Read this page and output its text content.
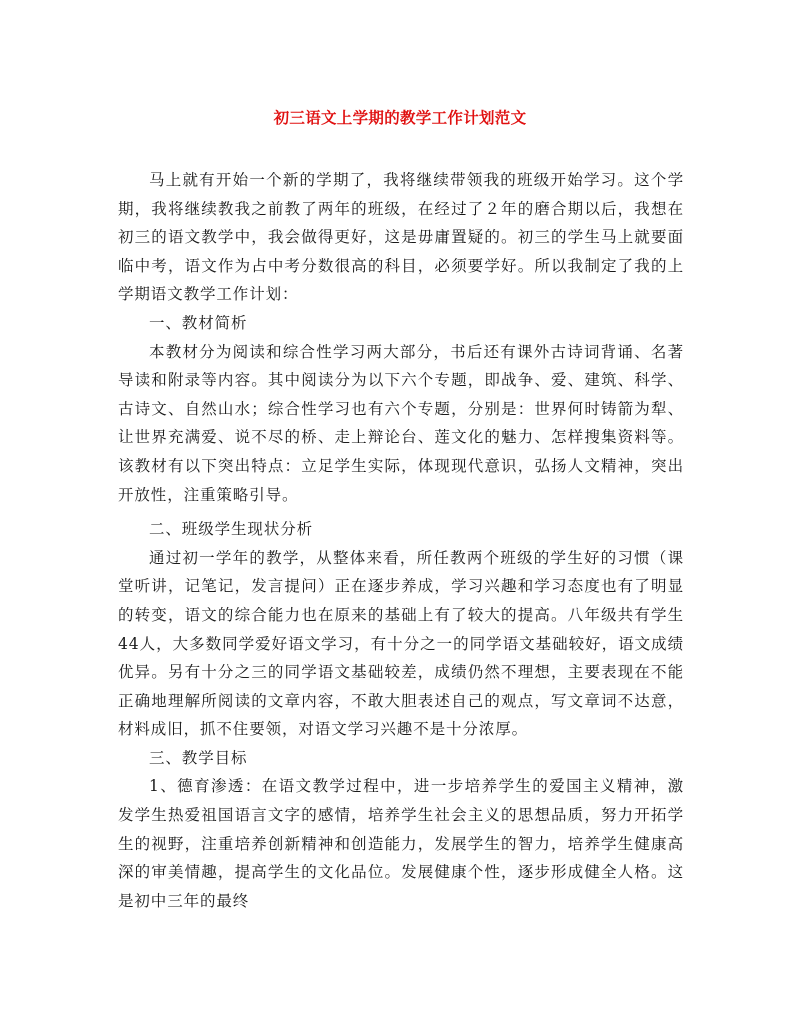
初三语文上学期的教学工作计划范文

马上就有开始一个新的学期了，我将继续带领我的班级开始学习。这个学期，我将继续教我之前教了两年的班级，在经过了２年的磨合期以后，我想在初三的语文教学中，我会做得更好，这是毋庸置疑的。初三的学生马上就要面临中考，语文作为占中考分数很高的科目，必须要学好。所以我制定了我的上学期语文教学工作计划：

一、教材简析

本教材分为阅读和综合性学习两大部分，书后还有课外古诗词背诵、名著导读和附录等内容。其中阅读分为以下六个专题，即战争、爱、建筑、科学、古诗文、自然山水；综合性学习也有六个专题，分别是：世界何时铸箭为犁、让世界充满爱、说不尽的桥、走上辩论台、莲文化的魅力、怎样搜集资料等。该教材有以下突出特点：立足学生实际，体现现代意识，弘扬人文精神，突出开放性，注重策略引导。

二、班级学生现状分析

通过初一学年的教学，从整体来看，所任教两个班级的学生好的习惯（课堂听讲，记笔记，发言提问）正在逐步养成，学习兴趣和学习态度也有了明显的转变，语文的综合能力也在原来的基础上有了较大的提高。八年级共有学生44人，大多数同学爱好语文学习，有十分之一的同学语文基础较好，语文成绩优异。另有十分之三的同学语文基础较差，成绩仍然不理想，主要表现在不能正确地理解所阅读的文章内容，不敢大胆表述自己的观点，写文章词不达意，材料成旧，抓不住要领，对语文学习兴趣不是十分浓厚。

三、教学目标

1、德育渗透：在语文教学过程中，进一步培养学生的爱国主义精神，激发学生热爱祖国语言文字的感情，培养学生社会主义的思想品质，努力开拓学生的视野，注重培养创新精神和创造能力，发展学生的智力，培养学生健康高深的审美情趣，提高学生的文化品位。发展健康个性，逐步形成健全人格。这是初中三年的最终
